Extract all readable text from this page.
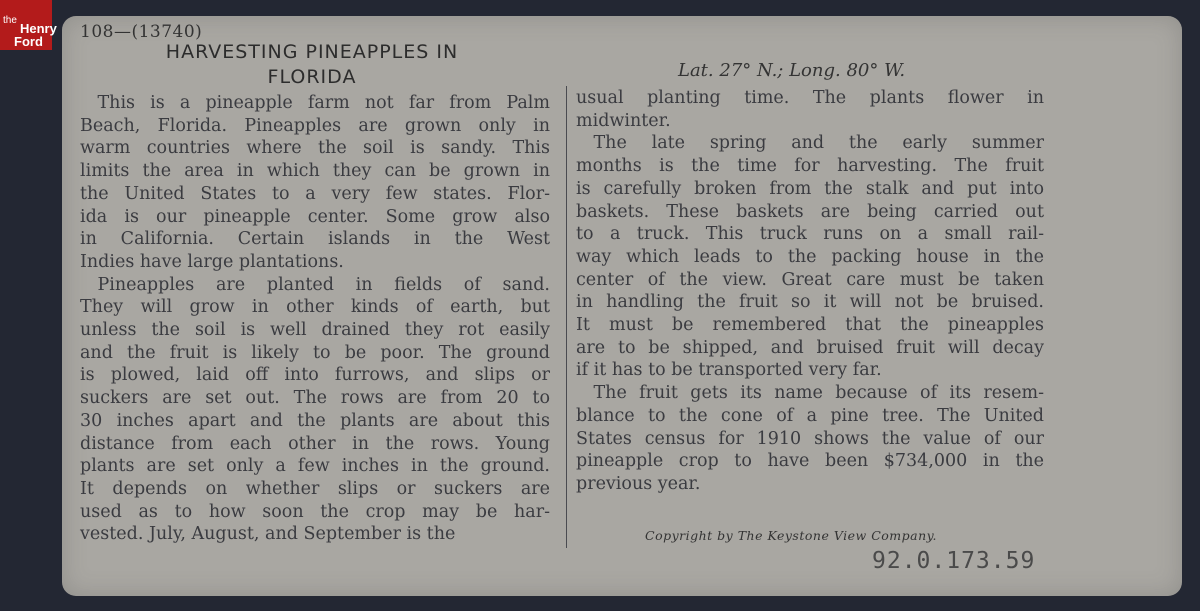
the
Henry
Ford 108—(13740)
HARVESTING PINEAPPLES IN
FLORIDA	Lat. 27° N.; Long. 80° W.
 This is a pineapple farm not far from Palm
Beach, Florida. Pineapples are grown only in
warm countries where the soil is sandy. This
limits the area in which they can be grown in
the United States to a very few states. Flor-
ida is our pineapple center. Some grow also
in California. Certain islands in the West
Indies have large plantations.
 Pineapples are planted in fields of sand.
They will grow in other kinds of earth, but
unless the soil is well drained they rot easily
and the fruit is likely to be poor. The ground
is plowed, laid off into furrows, and slips or
suckers are set out. The rows are from 20 to
30 inches apart and the plants are about this
distance from each other in the rows. Young
plants are set only a few inches in the ground.
It depends on whether slips or suckers are
used as to how soon the crop may be har-
vested. July, August, and September is the
usual planting time. The plants flower in
midwinter.
 The late spring and the early summer
months is the time for harvesting. The fruit
is carefully broken from the stalk and put into
baskets. These baskets are being carried out
to a truck. This truck runs on a small rail-
way which leads to the packing house in the
center of the view. Great care must be taken
in handling the fruit so it will not be bruised.
It must be remembered that the pineapples
are to be shipped, and bruised fruit will decay
if it has to be transported very far.
 The fruit gets its name because of its resem-
blance to the cone of a pine tree. The United
States census for 1910 shows the value of our
pineapple crop to have been $734,000 in the
previous year.
Copyright by The Keystone View Company.
92.0.173.59
